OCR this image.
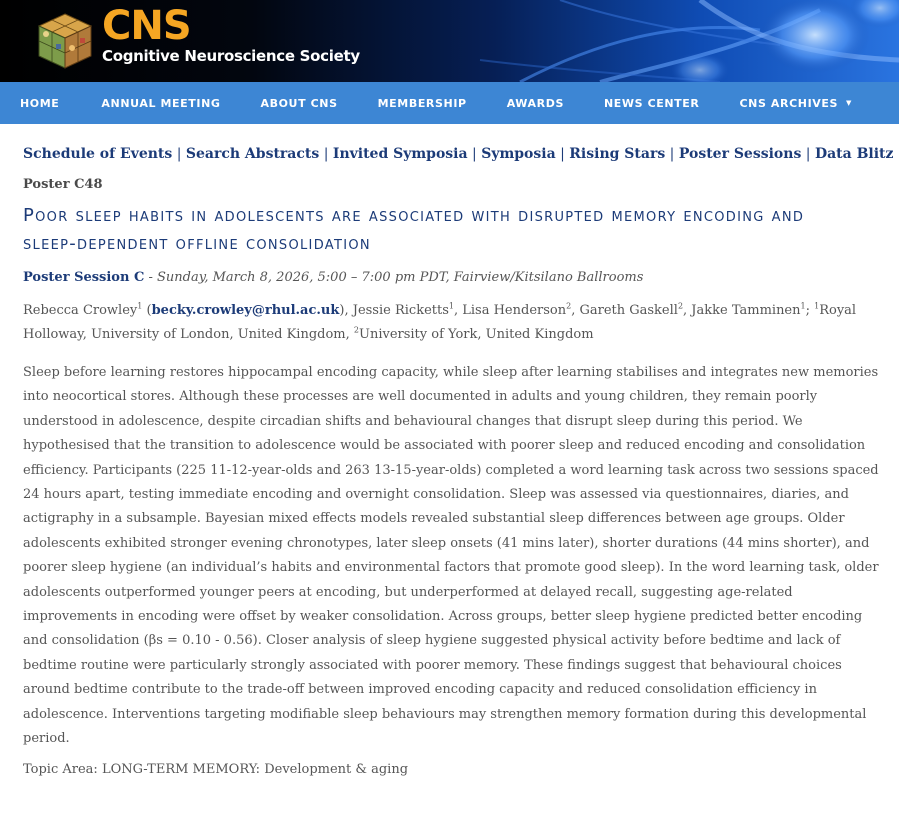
CNS
Cognitive Neuroscience Society
HOME	ANNUAL MEETING	ABOUT CNS	MEMBERSHIP	AWARDS	NEWS CENTER	CNS ARCHIVES ▼
Schedule of Events | Search Abstracts | Invited Symposia | Symposia | Rising Stars | Poster Sessions | Data Blitz
Poster C48
Poor sleep habits in adolescents are associated with disrupted memory encoding and sleep-dependent offline consolidation
Poster Session C - Sunday, March 8, 2026, 5:00 – 7:00 pm PDT, Fairview/Kitsilano Ballrooms
Rebecca Crowley$^1$ (becky.crowley@rhul.ac.uk), Jessie Ricketts$^1$, Lisa Henderson$^2$, Gareth Gaskell$^2$, Jakke Tamminen$^1$; $^1$Royal Holloway, University of London, United Kingdom, $^2$University of York, United Kingdom

Sleep before learning restores hippocampal encoding capacity, while sleep after learning stabilises and integrates new memories into neocortical stores. Although these processes are well documented in adults and young children, they remain poorly understood in adolescence, despite circadian shifts and behavioural changes that disrupt sleep during this period. We hypothesised that the transition to adolescence would be associated with poorer sleep and reduced encoding and consolidation efficiency. Participants (225 11-12-year-olds and 263 13-15-year-olds) completed a word learning task across two sessions spaced 24 hours apart, testing immediate encoding and overnight consolidation. Sleep was assessed via questionnaires, diaries, and actigraphy in a subsample. Bayesian mixed effects models revealed substantial sleep differences between age groups. Older adolescents exhibited stronger evening chronotypes, later sleep onsets (41 mins later), shorter durations (44 mins shorter), and poorer sleep hygiene (an individual’s habits and environmental factors that promote good sleep). In the word learning task, older adolescents outperformed younger peers at encoding, but underperformed at delayed recall, suggesting age-related improvements in encoding were offset by weaker consolidation. Across groups, better sleep hygiene predicted better encoding and consolidation (βs = 0.10 - 0.56). Closer analysis of sleep hygiene suggested physical activity before bedtime and lack of bedtime routine were particularly strongly associated with poorer memory. These findings suggest that behavioural choices around bedtime contribute to the trade-off between improved encoding capacity and reduced consolidation efficiency in adolescence. Interventions targeting modifiable sleep behaviours may strengthen memory formation during this developmental period.

Topic Area: LONG-TERM MEMORY: Development & aging
